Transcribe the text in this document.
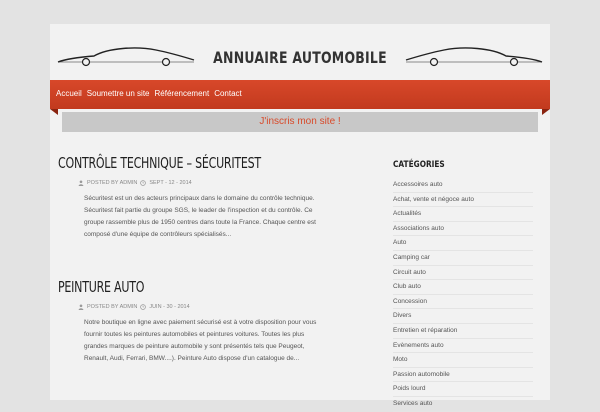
ANNUAIRE AUTOMOBILE
Accueil Soumettre un site Référencement Contact
J'inscris mon site !
CONTRÔLE TECHNIQUE – SÉCURITEST
POSTED BY ADMIN SEPT - 12 - 2014
Sécuritest est un des acteurs principaux dans le domaine du contrôle technique. Sécuritest fait partie du groupe SGS, le leader de l'inspection et du contrôle. Ce groupe rassemble plus de 1950 centres dans toute la France. Chaque centre est composé d'une équipe de contrôleurs spécialisés...
PEINTURE AUTO
POSTED BY ADMIN JUIN - 30 - 2014
Notre boutique en ligne avec paiement sécurisé est à votre disposition pour vous fournir toutes les peintures automobiles et peintures voitures. Toutes les plus grandes marques de peinture automobile y sont présentés tels que Peugeot, Renault, Audi, Ferrari, BMW....). Peinture Auto dispose d'un catalogue de...
CATÉGORIES
Accessoires auto
Achat, vente et négoce auto
Actualités
Associations auto
Auto
Camping car
Circuit auto
Club auto
Concession
Divers
Entretien et réparation
Evènements auto
Moto
Passion automobile
Poids lourd
Services auto
